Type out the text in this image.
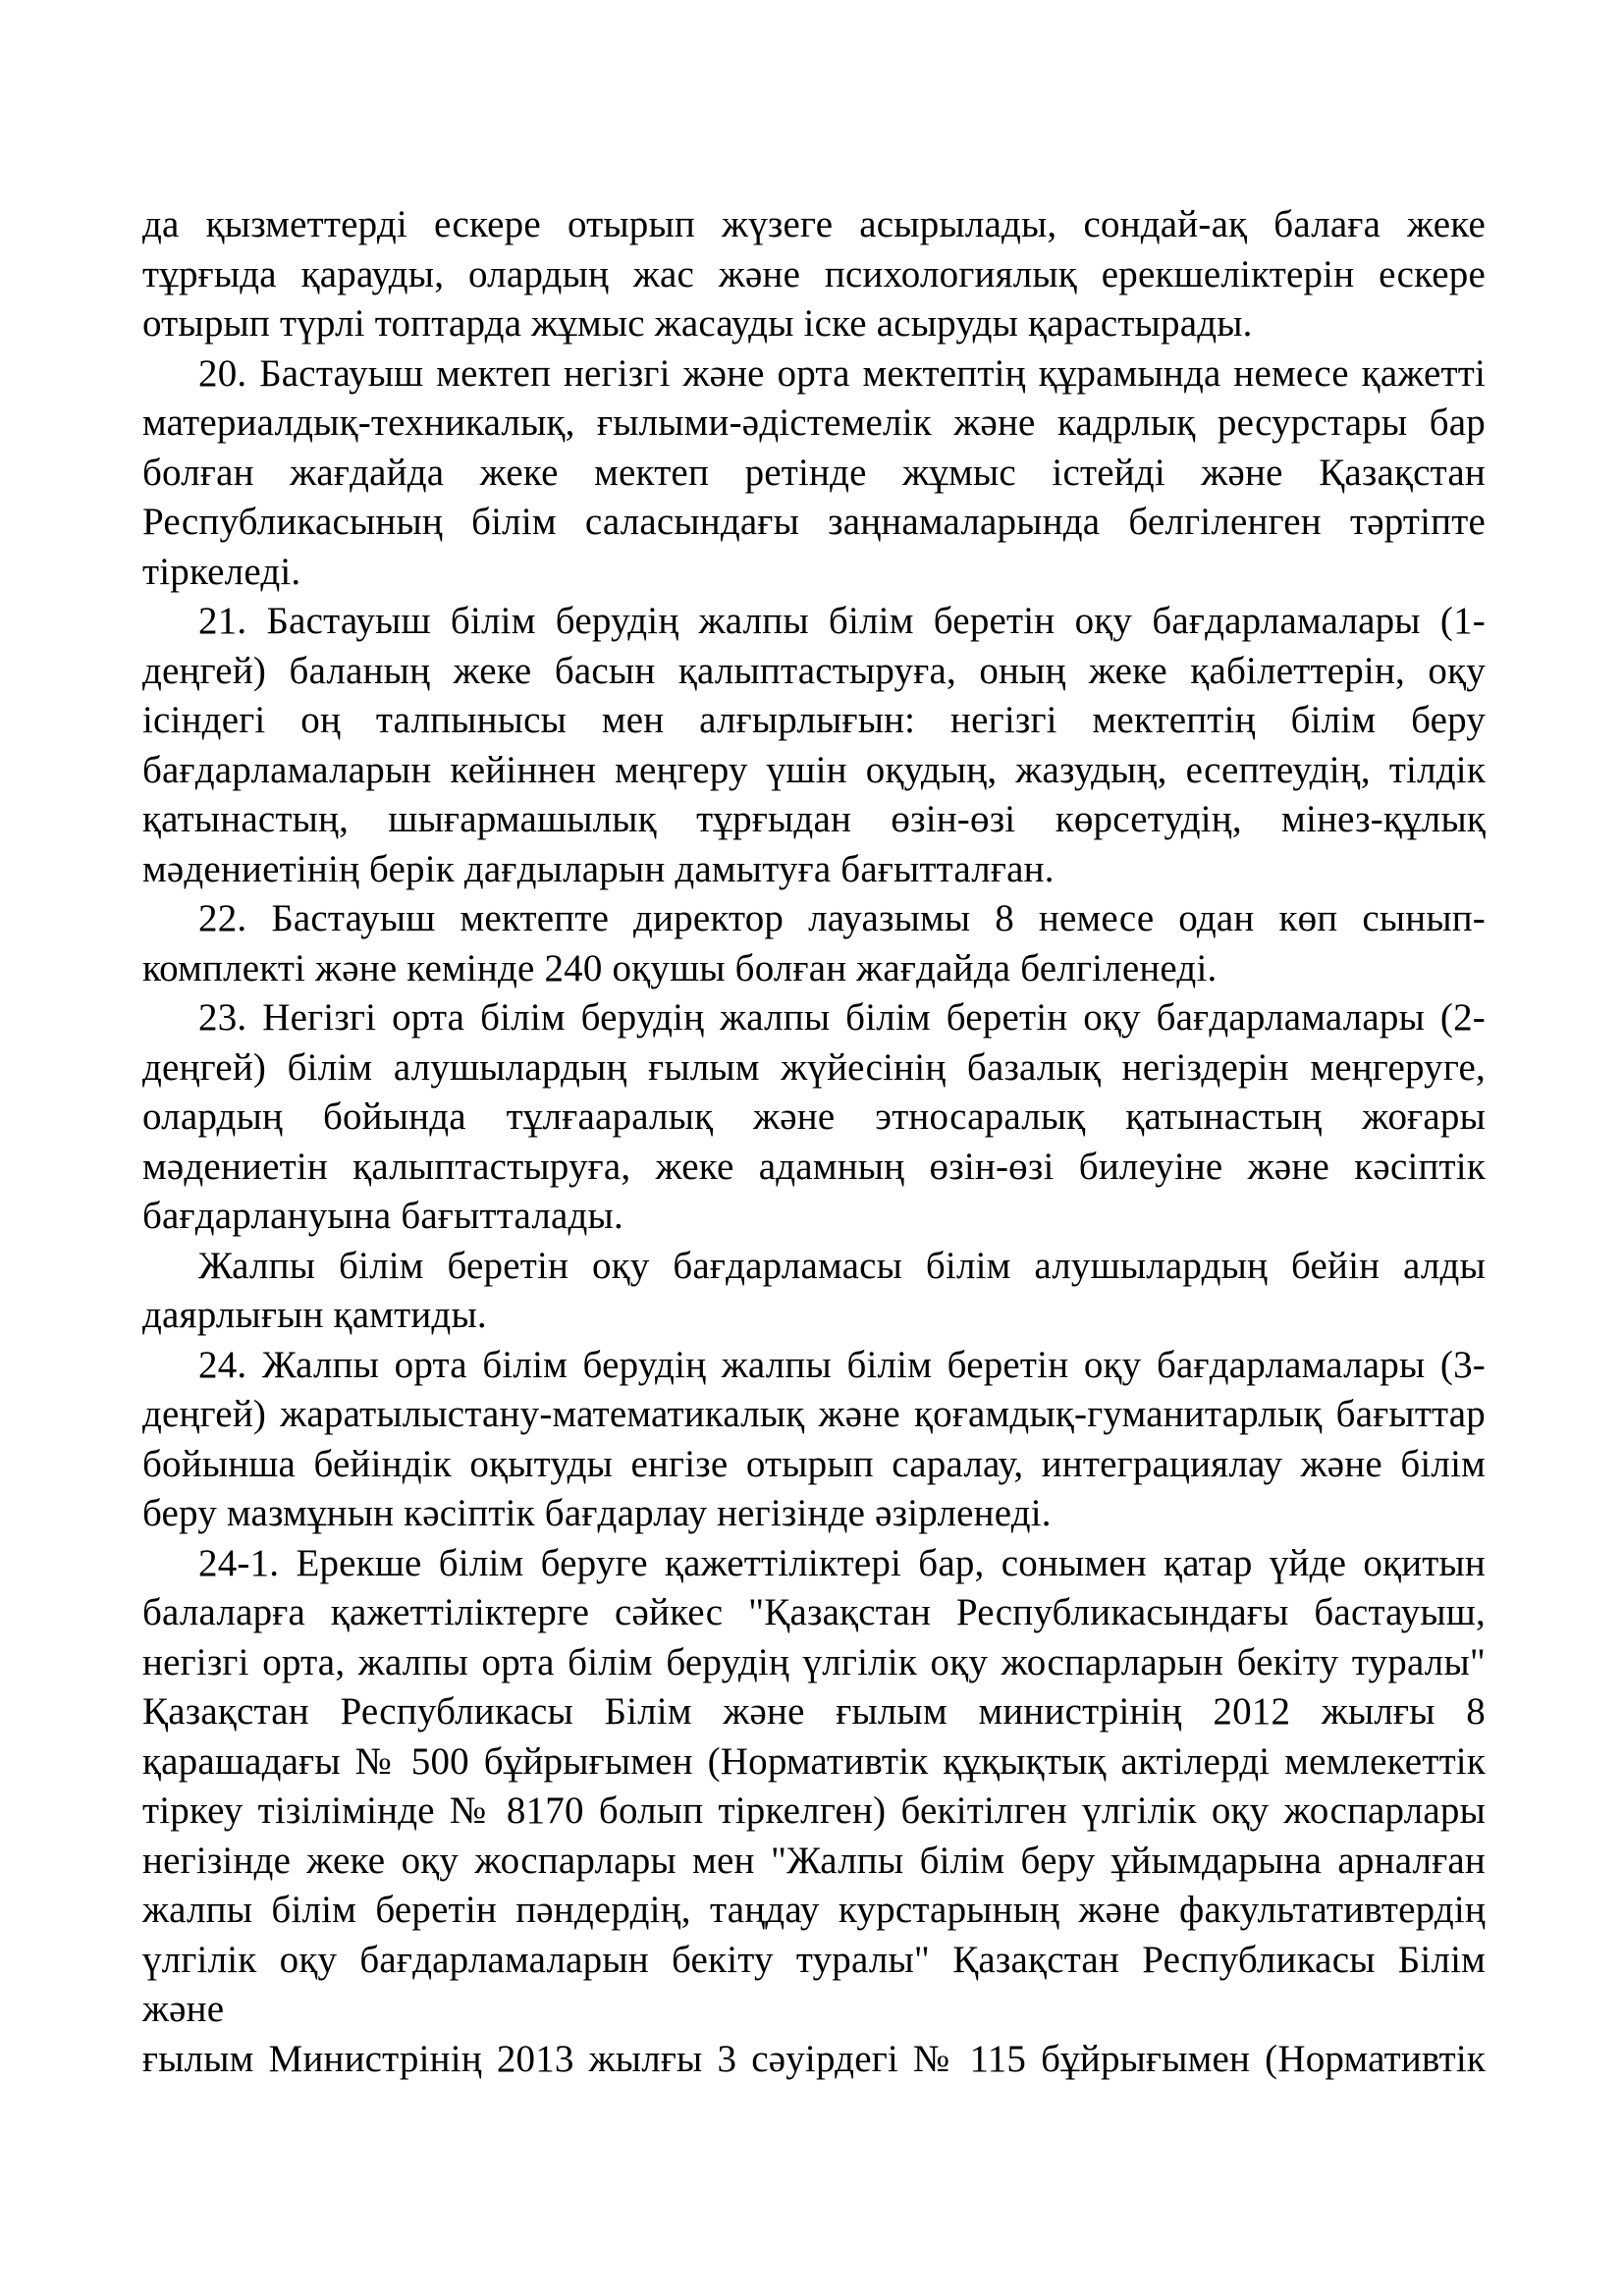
да қызметтерді ескере отырып жүзеге асырылады, сондай-ақ балаға жеке
тұрғыда қарауды, олардың жас және психологиялық ерекшеліктерін ескере
отырып түрлі топтарда жұмыс жасауды іске асыруды қарастырады.

20. Бастауыш мектеп негізгі және орта мектептің құрамында немесе қажетті
материалдық-техникалық, ғылыми-әдістемелік және кадрлық ресурстары бар
болған жағдайда жеке мектеп ретінде жұмыс істейді және Қазақстан
Республикасының білім саласындағы заңнамаларында белгіленген тәртіпте
тіркеледі.

21. Бастауыш білім берудің жалпы білім беретін оқу бағдарламалары (1-
деңгей) баланың жеке басын қалыптастыруға, оның жеке қабілеттерін, оқу
ісіндегі оң талпынысы мен алғырлығын: негізгі мектептің білім беру
бағдарламаларын кейіннен меңгеру үшін оқудың, жазудың, есептеудің, тілдік
қатынастың, шығармашылық тұрғыдан өзін-өзі көрсетудің, мінез-құлық
мәдениетінің берік дағдыларын дамытуға бағытталған.

22. Бастауыш мектепте директор лауазымы 8 немесе одан көп сынып-
комплекті және кемінде 240 оқушы болған жағдайда белгіленеді.

23. Негізгі орта білім берудің жалпы білім беретін оқу бағдарламалары (2-
деңгей) білім алушылардың ғылым жүйесінің базалық негіздерін меңгеруге,
олардың бойында тұлғааралық және этносаралық қатынастың жоғары
мәдениетін қалыптастыруға, жеке адамның өзін-өзі билеуіне және кәсіптік
бағдарлануына бағытталады.

Жалпы білім беретін оқу бағдарламасы білім алушылардың бейін алды
даярлығын қамтиды.

24. Жалпы орта білім берудің жалпы білім беретін оқу бағдарламалары (3-
деңгей) жаратылыстану-математикалық және қоғамдық-гуманитарлық бағыттар
бойынша бейіндік оқытуды енгізе отырып саралау, интеграциялау және білім
беру мазмұнын кәсіптік бағдарлау негізінде әзірленеді.

24-1. Ерекше білім беруге қажеттіліктері бар, сонымен қатар үйде оқитын
балаларға қажеттіліктерге сәйкес "Қазақстан Республикасындағы бастауыш,
негізгі орта, жалпы орта білім берудің үлгілік оқу жоспарларын бекіту туралы"
Қазақстан Республикасы Білім және ғылым министрінің 2012 жылғы 8
қарашадағы № 500 бұйрығымен (Нормативтік құқықтық актілерді мемлекеттік
тіркеу тізілімінде № 8170 болып тіркелген) бекітілген үлгілік оқу жоспарлары
негізінде жеке оқу жоспарлары мен "Жалпы білім беру ұйымдарына арналған
жалпы білім беретін пәндердің, таңдау курстарының және факультативтердің
үлгілік оқу бағдарламаларын бекіту туралы" Қазақстан Республикасы Білім және
ғылым Министрінің 2013 жылғы 3 сәуірдегі № 115 бұйрығымен (Нормативтік
